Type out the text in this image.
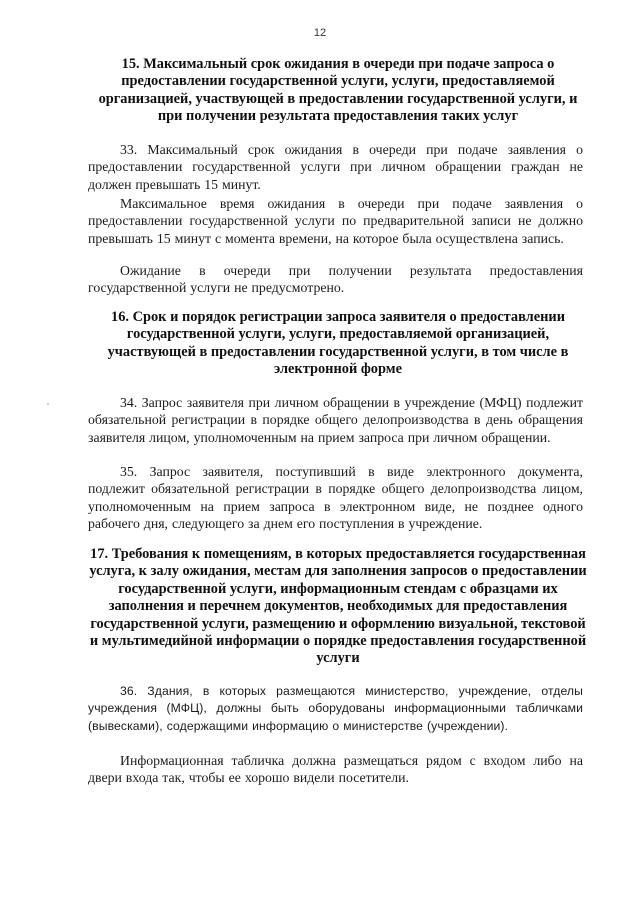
12
15. Максимальный срок ожидания в очереди при подаче запроса о предоставлении государственной услуги, услуги, предоставляемой организацией, участвующей в предоставлении государственной услуги, и при получении результата предоставления таких услуг
33. Максимальный срок ожидания в очереди при подаче заявления о предоставлении государственной услуги при личном обращении граждан не должен превышать 15 минут.
Максимальное время ожидания в очереди при подаче заявления о предоставлении государственной услуги по предварительной записи не должно превышать 15 минут с момента времени, на которое была осуществлена запись.
Ожидание в очереди при получении результата предоставления государственной услуги не предусмотрено.
16. Срок и порядок регистрации запроса заявителя о предоставлении государственной услуги, услуги, предоставляемой организацией, участвующей в предоставлении государственной услуги, в том числе в электронной форме
34. Запрос заявителя при личном обращении в учреждение (МФЦ) подлежит обязательной регистрации в порядке общего делопроизводства в день обращения заявителя лицом, уполномоченным на прием запроса при личном обращении.
35. Запрос заявителя, поступивший в виде электронного документа, подлежит обязательной регистрации в порядке общего делопроизводства лицом, уполномоченным на прием запроса в электронном виде, не позднее одного рабочего дня, следующего за днем его поступления в учреждение.
17. Требования к помещениям, в которых предоставляется государственная услуга, к залу ожидания, местам для заполнения запросов о предоставлении государственной услуги, информационным стендам с образцами их заполнения и перечнем документов, необходимых для предоставления государственной услуги, размещению и оформлению визуальной, текстовой и мультимедийной информации о порядке предоставления государственной услуги
36. Здания, в которых размещаются министерство, учреждение, отделы учреждения (МФЦ), должны быть оборудованы информационными табличками (вывесками), содержащими информацию о министерстве (учреждении).
Информационная табличка должна размещаться рядом с входом либо на двери входа так, чтобы ее хорошо видели посетители.
